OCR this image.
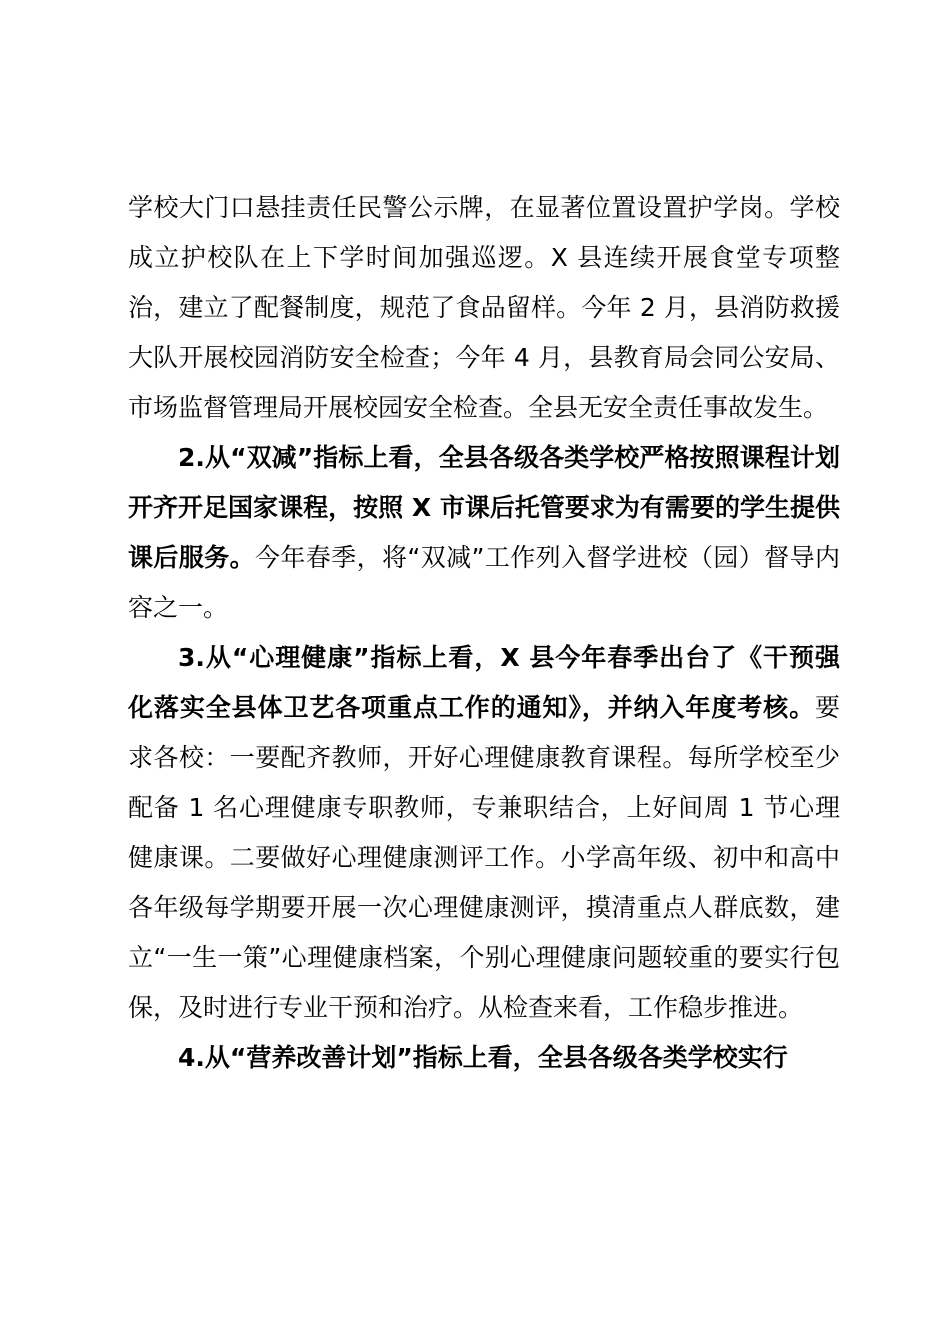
学校大门口悬挂责任民警公示牌，在显著位置设置护学岗。学校成立护校队在上下学时间加强巡逻。X 县连续开展食堂专项整治，建立了配餐制度，规范了食品留样。今年 2 月，县消防救援大队开展校园消防安全检查；今年 4 月，县教育局会同公安局、市场监督管理局开展校园安全检查。全县无安全责任事故发生。

2.从“双减”指标上看，全县各级各类学校严格按照课程计划开齐开足国家课程，按照 X 市课后托管要求为有需要的学生提供课后服务。今年春季，将“双减”工作列入督学进校（园）督导内容之一。

3.从“心理健康”指标上看，X 县今年春季出台了《干预强化落实全县体卫艺各项重点工作的通知》，并纳入年度考核。要求各校：一要配齐教师，开好心理健康教育课程。每所学校至少配备 1 名心理健康专职教师，专兼职结合，上好间周 1 节心理健康课。二要做好心理健康测评工作。小学高年级、初中和高中各年级每学期要开展一次心理健康测评，摸清重点人群底数，建立“一生一策”心理健康档案，个别心理健康问题较重的要实行包保，及时进行专业干预和治疗。从检查来看，工作稳步推进。

4.从“营养改善计划”指标上看，全县各级各类学校实行
